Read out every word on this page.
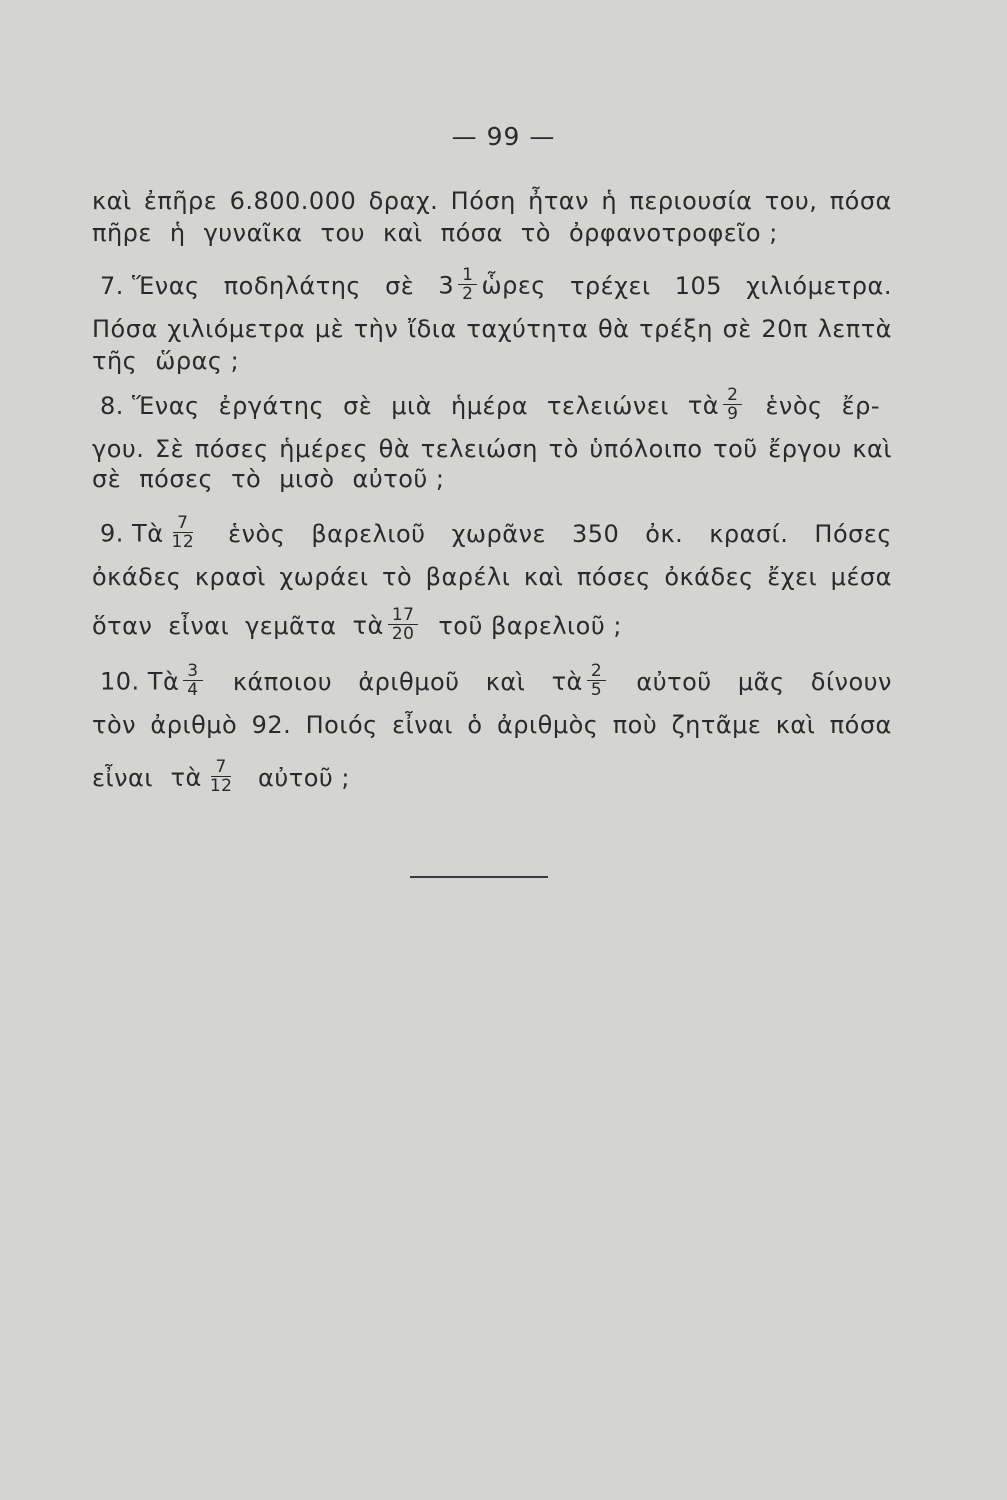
— 99 —
καὶ ἐπῆρε 6.800.000 δραχ. Πόση ἦταν ἡ περιουσία του, πόσα
πῆρε ἡ γυναῖκα του καὶ πόσα τὸ ὀρφανοτροφεῖο ;
7. Ἕνας ποδηλάτης σὲ $3 \frac{1}{2}$ ὧρες τρέχει 105 χιλιόμετρα.
Πόσα χιλιόμετρα μὲ τὴν ἴδια ταχύτητα θὰ τρέξη σὲ 20π λεπτὰ
τῆς ὥρας ;
8. Ἕνας ἐργάτης σὲ μιὰ ἡμέρα τελειώνει τὰ $\frac{2}{9}$ ἑνὸς ἔρ-
γου. Σὲ πόσες ἡμέρες θὰ τελειώση τὸ ὑπόλοιπο τοῦ ἔργου καὶ
σὲ πόσες τὸ μισὸ αὐτοῦ ;
9. Τὰ $\frac{7}{12}$ ἑνὸς βαρελιοῦ χωρᾶνε 350 ὀκ. κρασί. Πόσες
ὀκάδες κρασὶ χωράει τὸ βαρέλι καὶ πόσες ὀκάδες ἔχει μέσα
ὅταν εἶναι γεμᾶτα τὰ $\frac{17}{20}$ τοῦ βαρελιοῦ ;
10. Τὰ $\frac{3}{4}$ κάποιου ἀριθμοῦ καὶ τὰ $\frac{2}{5}$ αὐτοῦ μᾶς δίνουν
τὸν ἀριθμὸ 92. Ποιός εἶναι ὁ ἀριθμὸς ποὺ ζητᾶμε καὶ πόσα
εἶναι τὰ $\frac{7}{12}$ αὐτοῦ ;
